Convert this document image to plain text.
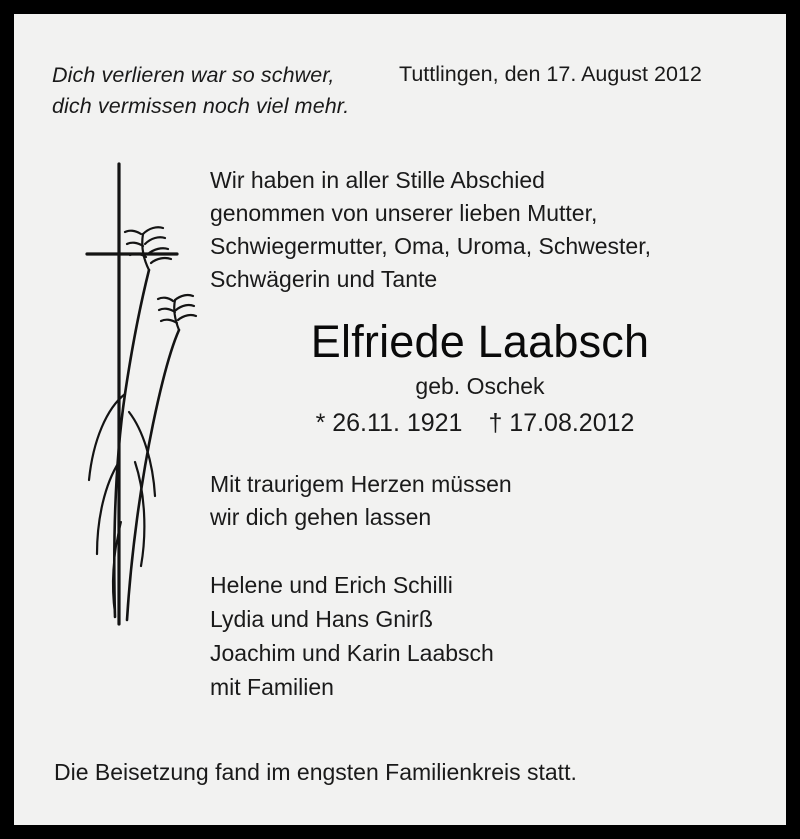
Dich verlieren war so schwer,
dich vermissen noch viel mehr.
Tuttlingen, den 17. August 2012
Wir haben in aller Stille Abschied
genommen von unserer lieben Mutter,
Schwiegermutter, Oma, Uroma, Schwester,
Schwägerin und Tante
Elfriede Laabsch
geb. Oschek
* 26.11. 1921 † 17.08.2012
Mit traurigem Herzen müssen
wir dich gehen lassen
Helene und Erich Schilli
Lydia und Hans Gnirß
Joachim und Karin Laabsch
mit Familien
Die Beisetzung fand im engsten Familienkreis statt.
